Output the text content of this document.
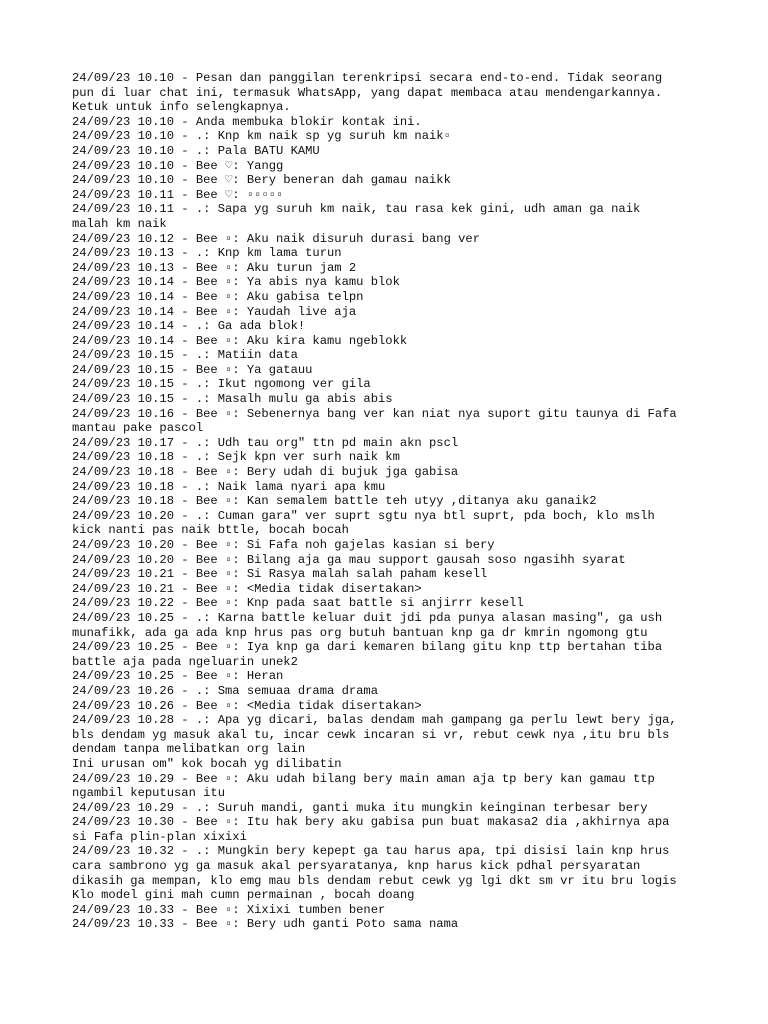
24/09/23 10.10 - Pesan dan panggilan terenkripsi secara end-to-end. Tidak seorang
pun di luar chat ini, termasuk WhatsApp, yang dapat membaca atau mendengarkannya.
Ketuk untuk info selengkapnya.
24/09/23 10.10 - Anda membuka blokir kontak ini.
24/09/23 10.10 - .: Knp km naik sp yg suruh km naik▫
24/09/23 10.10 - .: Pala BATU KAMU
24/09/23 10.10 - Bee ♡: Yangg
24/09/23 10.10 - Bee ♡: Bery beneran dah gamau naikk
24/09/23 10.11 - Bee ♡: ▫▫▫▫▫
24/09/23 10.11 - .: Sapa yg suruh km naik, tau rasa kek gini, udh aman ga naik
malah km naik
24/09/23 10.12 - Bee ▫: Aku naik disuruh durasi bang ver
24/09/23 10.13 - .: Knp km lama turun
24/09/23 10.13 - Bee ▫: Aku turun jam 2
24/09/23 10.14 - Bee ▫: Ya abis nya kamu blok
24/09/23 10.14 - Bee ▫: Aku gabisa telpn
24/09/23 10.14 - Bee ▫: Yaudah live aja
24/09/23 10.14 - .: Ga ada blok!
24/09/23 10.14 - Bee ▫: Aku kira kamu ngeblokk
24/09/23 10.15 - .: Matiin data
24/09/23 10.15 - Bee ▫: Ya gatauu
24/09/23 10.15 - .: Ikut ngomong ver gila
24/09/23 10.15 - .: Masalh mulu ga abis abis
24/09/23 10.16 - Bee ▫: Sebenernya bang ver kan niat nya suport gitu taunya di Fafa
mantau pake pascol
24/09/23 10.17 - .: Udh tau org" ttn pd main akn pscl
24/09/23 10.18 - .: Sejk kpn ver surh naik km
24/09/23 10.18 - Bee ▫: Bery udah di bujuk jga gabisa
24/09/23 10.18 - .: Naik lama nyari apa kmu
24/09/23 10.18 - Bee ▫: Kan semalem battle teh utyy ,ditanya aku ganaik2
24/09/23 10.20 - .: Cuman gara" ver suprt sgtu nya btl suprt, pda boch, klo mslh
kick nanti pas naik bttle, bocah bocah
24/09/23 10.20 - Bee ▫: Si Fafa noh gajelas kasian si bery
24/09/23 10.20 - Bee ▫: Bilang aja ga mau support gausah soso ngasihh syarat
24/09/23 10.21 - Bee ▫: Si Rasya malah salah paham kesell
24/09/23 10.21 - Bee ▫: <Media tidak disertakan>
24/09/23 10.22 - Bee ▫: Knp pada saat battle si anjirrr kesell
24/09/23 10.25 - .: Karna battle keluar duit jdi pda punya alasan masing", ga ush
munafikk, ada ga ada knp hrus pas org butuh bantuan knp ga dr kmrin ngomong gtu
24/09/23 10.25 - Bee ▫: Iya knp ga dari kemaren bilang gitu knp ttp bertahan tiba
battle aja pada ngeluarin unek2
24/09/23 10.25 - Bee ▫: Heran
24/09/23 10.26 - .: Sma semuaa drama drama
24/09/23 10.26 - Bee ▫: <Media tidak disertakan>
24/09/23 10.28 - .: Apa yg dicari, balas dendam mah gampang ga perlu lewt bery jga,
bls dendam yg masuk akal tu, incar cewk incaran si vr, rebut cewk nya ,itu bru bls
dendam tanpa melibatkan org lain
Ini urusan om" kok bocah yg dilibatin
24/09/23 10.29 - Bee ▫: Aku udah bilang bery main aman aja tp bery kan gamau ttp
ngambil keputusan itu
24/09/23 10.29 - .: Suruh mandi, ganti muka itu mungkin keinginan terbesar bery
24/09/23 10.30 - Bee ▫: Itu hak bery aku gabisa pun buat makasa2 dia ,akhirnya apa
si Fafa plin-plan xixixi
24/09/23 10.32 - .: Mungkin bery kepept ga tau harus apa, tpi disisi lain knp hrus
cara sambrono yg ga masuk akal persyaratanya, knp harus kick pdhal persyaratan
dikasih ga mempan, klo emg mau bls dendam rebut cewk yg lgi dkt sm vr itu bru logis
Klo model gini mah cumn permainan , bocah doang
24/09/23 10.33 - Bee ▫: Xixixi tumben bener
24/09/23 10.33 - Bee ▫: Bery udh ganti Poto sama nama
